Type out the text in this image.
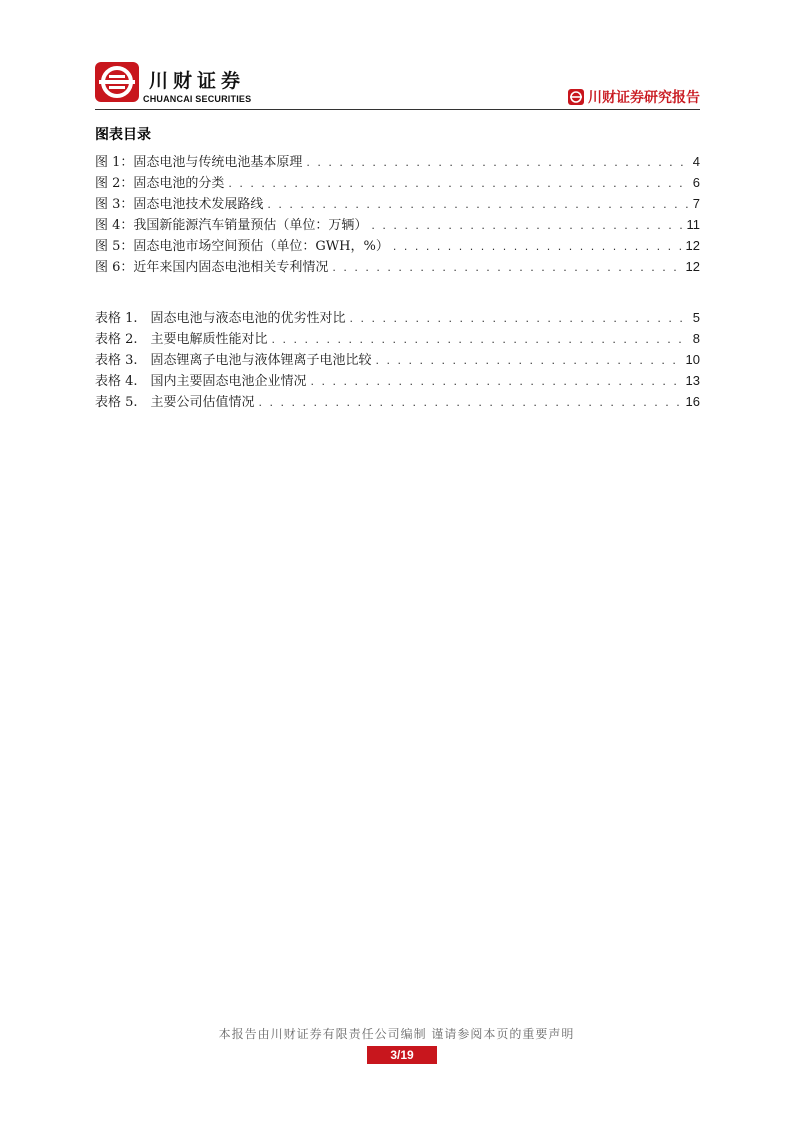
川财证券
CHUANCAI SECURITIES	川财证券研究报告
图表目录
图 1：固态电池与传统电池基本原理 . . .	4
图 2：固态电池的分类 . . .	6
图 3：固态电池技术发展路线 . . .	7
图 4：我国新能源汽车销量预估（单位：万辆） . . .	11
图 5：固态电池市场空间预估（单位：GWH，%） . . .	12
图 6：近年来国内固态电池相关专利情况 . . .	12
表格 1.　固态电池与液态电池的优劣性对比 . . .	5
表格 2.　主要电解质性能对比 . . .	8
表格 3.　固态锂离子电池与液体锂离子电池比较 . . .	10
表格 4.　国内主要固态电池企业情况 . . .	13
表格 5.　主要公司估值情况 . . .	16
本报告由川财证券有限责任公司编制 谨请参阅本页的重要声明
3/19
